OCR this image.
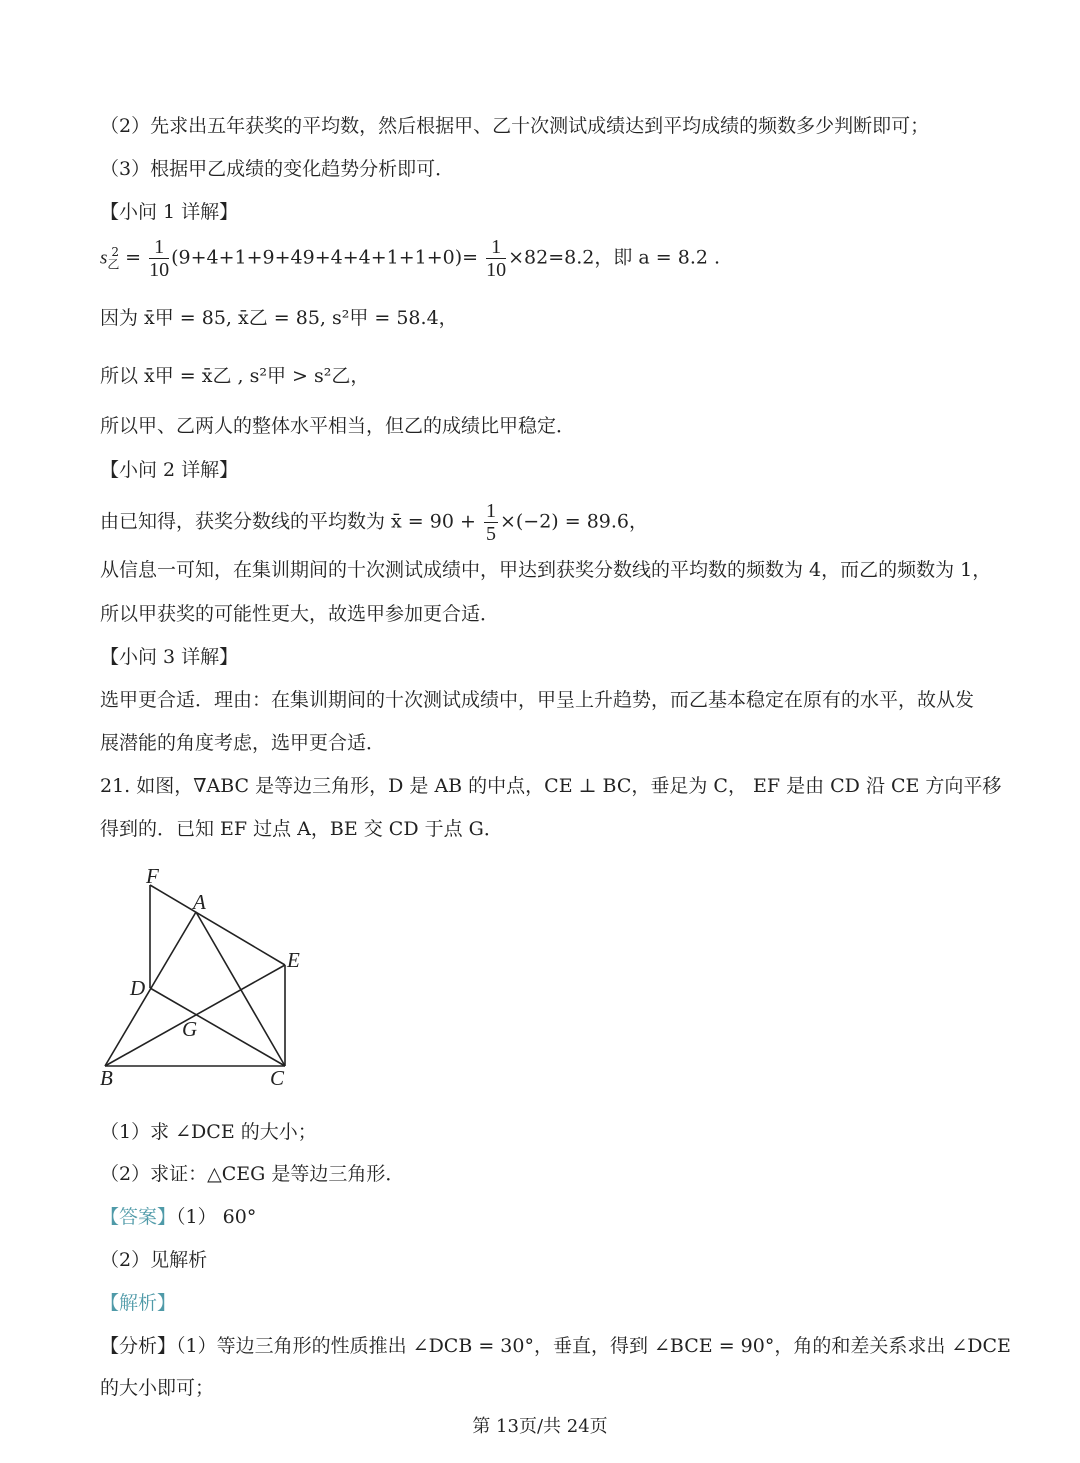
（2）先求出五年获奖的平均数，然后根据甲、乙十次测试成绩达到平均成绩的频数多少判断即可；
（3）根据甲乙成绩的变化趋势分析即可．
【小问 1 详解】
$s_乙^2 = \frac{1}{10} (9+4+1+9+49+4+4+1+1+0)= \frac{1}{10} \times 82=8.2$，即 a = 8.2 .
因为 x̄甲 = 85, x̄乙 = 85, s²甲 = 58.4，
所以 x̄甲 = x̄乙 , s²甲 > s²乙，
所以甲、乙两人的整体水平相当，但乙的成绩比甲稳定．
【小问 2 详解】
由已知得，获奖分数线的平均数为 x̄ = $90 + \frac{1}{5} \times(-2) = 89.6$，
从信息一可知，在集训期间的十次测试成绩中，甲达到获奖分数线的平均数的频数为 4，而乙的频数为 1，
所以甲获奖的可能性更大，故选甲参加更合适．
【小问 3 详解】
选甲更合适．理由：在集训期间的十次测试成绩中，甲呈上升趋势，而乙基本稳定在原有的水平，故从发
展潜能的角度考虑，选甲更合适．
21. 如图，∇ABC 是等边三角形，D 是 AB 的中点，CE ⊥ BC，垂足为 C， EF 是由 CD 沿 CE 方向平移
得到的．已知 EF 过点 A，BE 交 CD 于点 G．
F
A
E
D
G
B	C
（1）求 ∠DCE 的大小；
（2）求证：△CEG 是等边三角形．
【答案】（1） 60°
（2）见解析
【解析】
【分析】（1）等边三角形的性质推出 ∠DCB = 30°，垂直，得到 ∠BCE = 90°，角的和差关系求出 ∠DCE
的大小即可；
第 13页/共 24页
